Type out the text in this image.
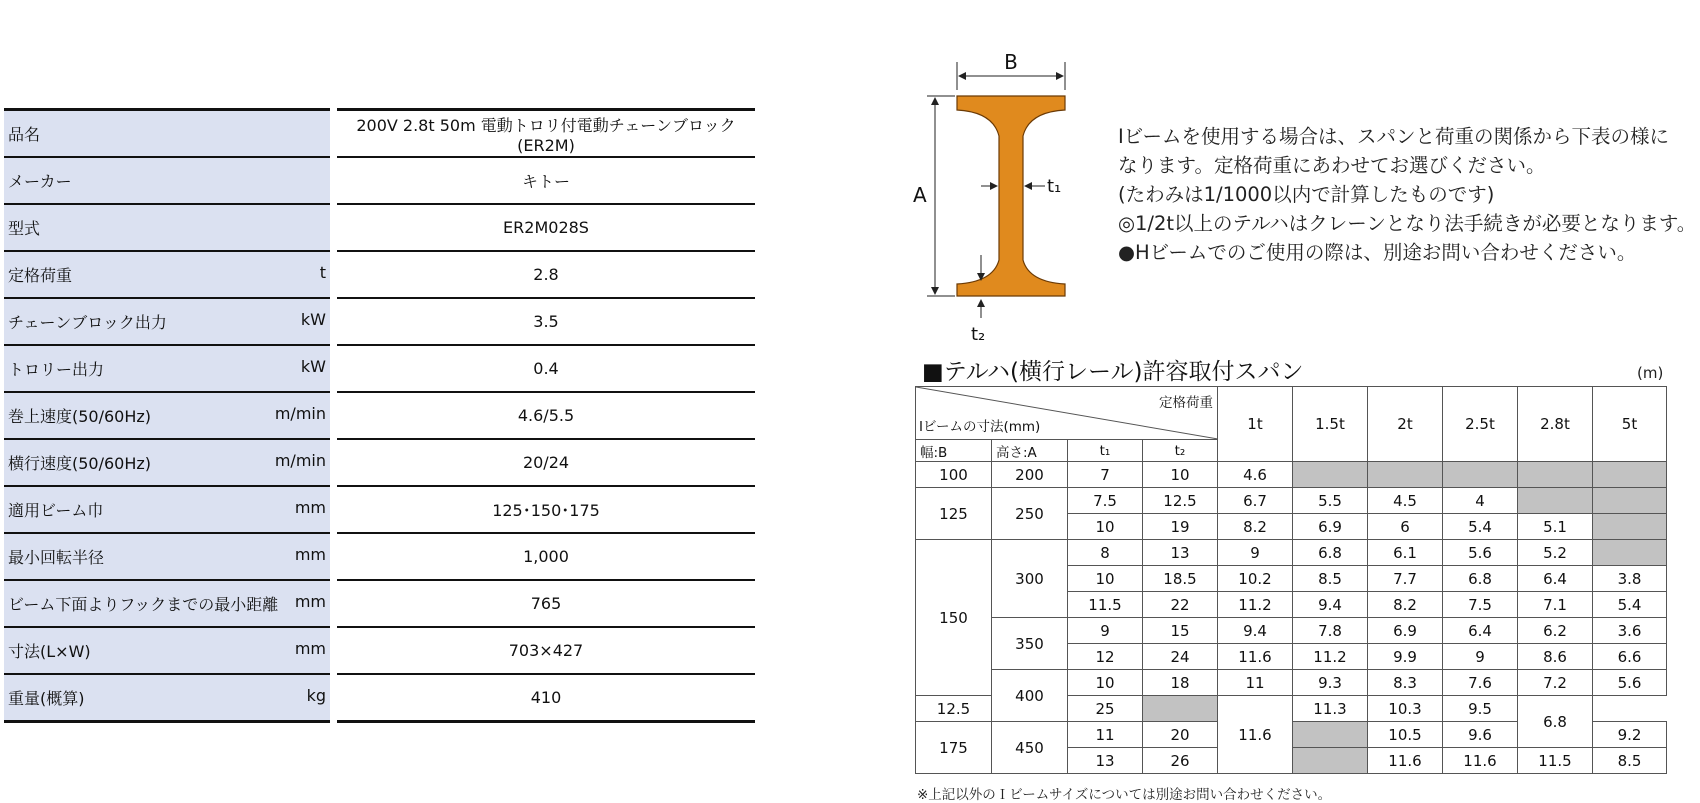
品名		200V 2.8t 50m 電動トロリ付電動チェーンブロック(ER2M)

メーカー		キトー

型式		ER2M028S

定格荷重 t		2.8

チェーンブロック出力 kW		3.5

トロリー出力 kW		0.4

巻上速度(50/60Hz) m/min		4.6/5.5

横行速度(50/60Hz) m/min		20/24

適用ビーム巾 mm		125･150･175

最小回転半径 mm		1,000

ビーム下面よりフックまでの最小距離 mm		765

寸法(L×W) mm		703×427

重量(概算) kg		410
B
A	t₁
t₂
Iビームを使用する場合は、スパンと荷重の関係から下表の様に
なります。定格荷重にあわせてお選びください。
(たわみは1/1000以内で計算したものです)
◎1/2t以上のテルハはクレーンとなり法手続きが必要となります。
●Hビームでのご使用の際は、別途お問い合わせください。
■テルハ(横行レール)許容取付スパン	(m)
定格荷重
Iビームの寸法(mm)				1t	1.5t	2t	2.5t	2.8t	5t
幅:B	高さ:A	t₁	t₂						
100	200	7	10	4.6					
125	250	7.5	12.5	6.7	5.5	4.5	4		
		10	19	8.2	6.9	6	5.4	5.1	
150	300	8	13	9	6.8	6.1	5.6	5.2	
		10	18.5	10.2	8.5	7.7	6.8	6.4	3.8
		11.5	22	11.2	9.4	8.2	7.5	7.1	5.4
	350	9	15	9.4	7.8	6.9	6.4	6.2	3.6
		12	24	11.6	11.2	9.9	9	8.6	6.6
	400	10	18	11	9.3	8.3	7.6	7.2	5.6
12.5		25		11.6	11.3	10.3	9.5	6.8	
175	450	11	20			10.5	9.6		9.2
		13	26			11.6	11.6	11.5	8.5
※上記以外のＩビームサイズについては別途お問い合わせください。
